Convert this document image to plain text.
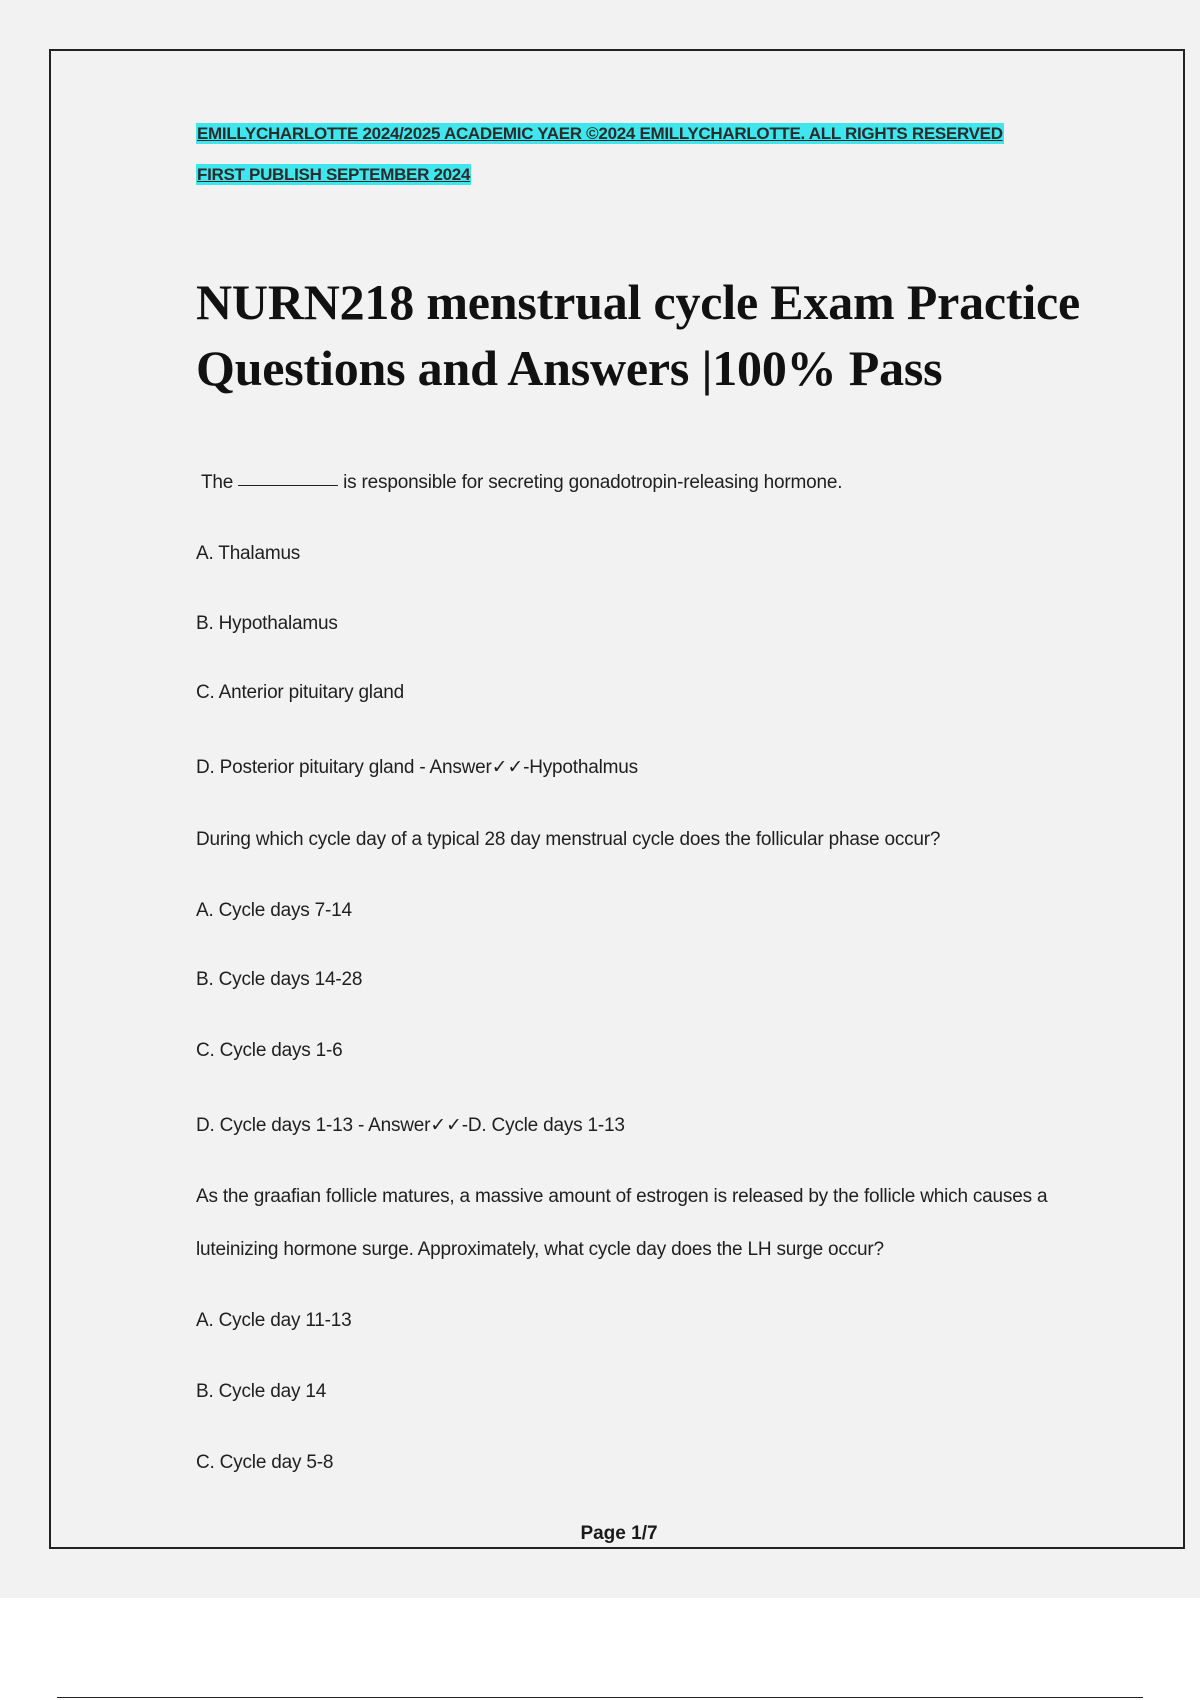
EMILLYCHARLOTTE 2024/2025 ACADEMIC YAER ©2024 EMILLYCHARLOTTE. ALL RIGHTS RESERVED
FIRST PUBLISH SEPTEMBER 2024
NURN218 menstrual cycle Exam Practice
Questions and Answers |100% Pass
The	is responsible for secreting gonadotropin-releasing hormone.
A. Thalamus
B. Hypothalamus
C. Anterior pituitary gland
D. Posterior pituitary gland - Answer✓✓-Hypothalmus
During which cycle day of a typical 28 day menstrual cycle does the follicular phase occur?
A. Cycle days 7-14
B. Cycle days 14-28
C. Cycle days 1-6
D. Cycle days 1-13 - Answer✓✓-D. Cycle days 1-13
As the graafian follicle matures, a massive amount of estrogen is released by the follicle which causes a
luteinizing hormone surge. Approximately, what cycle day does the LH surge occur?
A. Cycle day 11-13
B. Cycle day 14
C. Cycle day 5-8
Page 1/7
